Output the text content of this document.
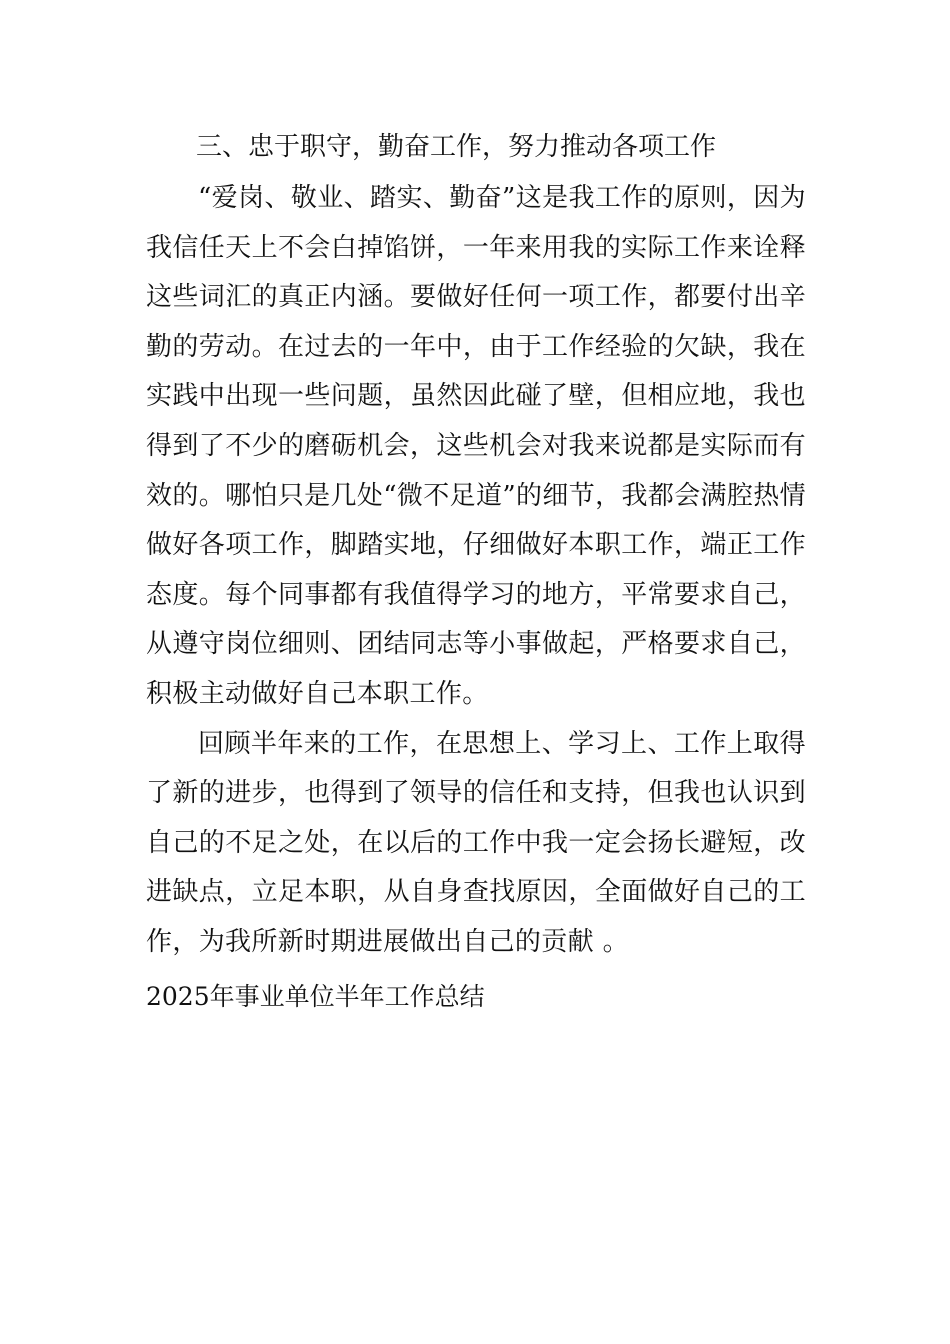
三、忠于职守，勤奋工作，努力推动各项工作

“爱岗、敬业、踏实、勤奋”这是我工作的原则，因为我信任天上不会白掉馅饼，一年来用我的实际工作来诠释这些词汇的真正内涵。要做好任何一项工作，都要付出辛勤的劳动。在过去的一年中，由于工作经验的欠缺，我在实践中出现一些问题，虽然因此碰了壁，但相应地，我也得到了不少的磨砺机会，这些机会对我来说都是实际而有效的。哪怕只是几处“微不足道”的细节，我都会满腔热情做好各项工作，脚踏实地，仔细做好本职工作，端正工作态度。每个同事都有我值得学习的地方，平常要求自己，从遵守岗位细则、团结同志等小事做起，严格要求自己，积极主动做好自己本职工作。

回顾半年来的工作，在思想上、学习上、工作上取得了新的进步，也得到了领导的信任和支持，但我也认识到自己的不足之处，在以后的工作中我一定会扬长避短，改进缺点，立足本职，从自身查找原因，全面做好自己的工作，为我所新时期进展做出自己的贡献 。

2025年事业单位半年工作总结
